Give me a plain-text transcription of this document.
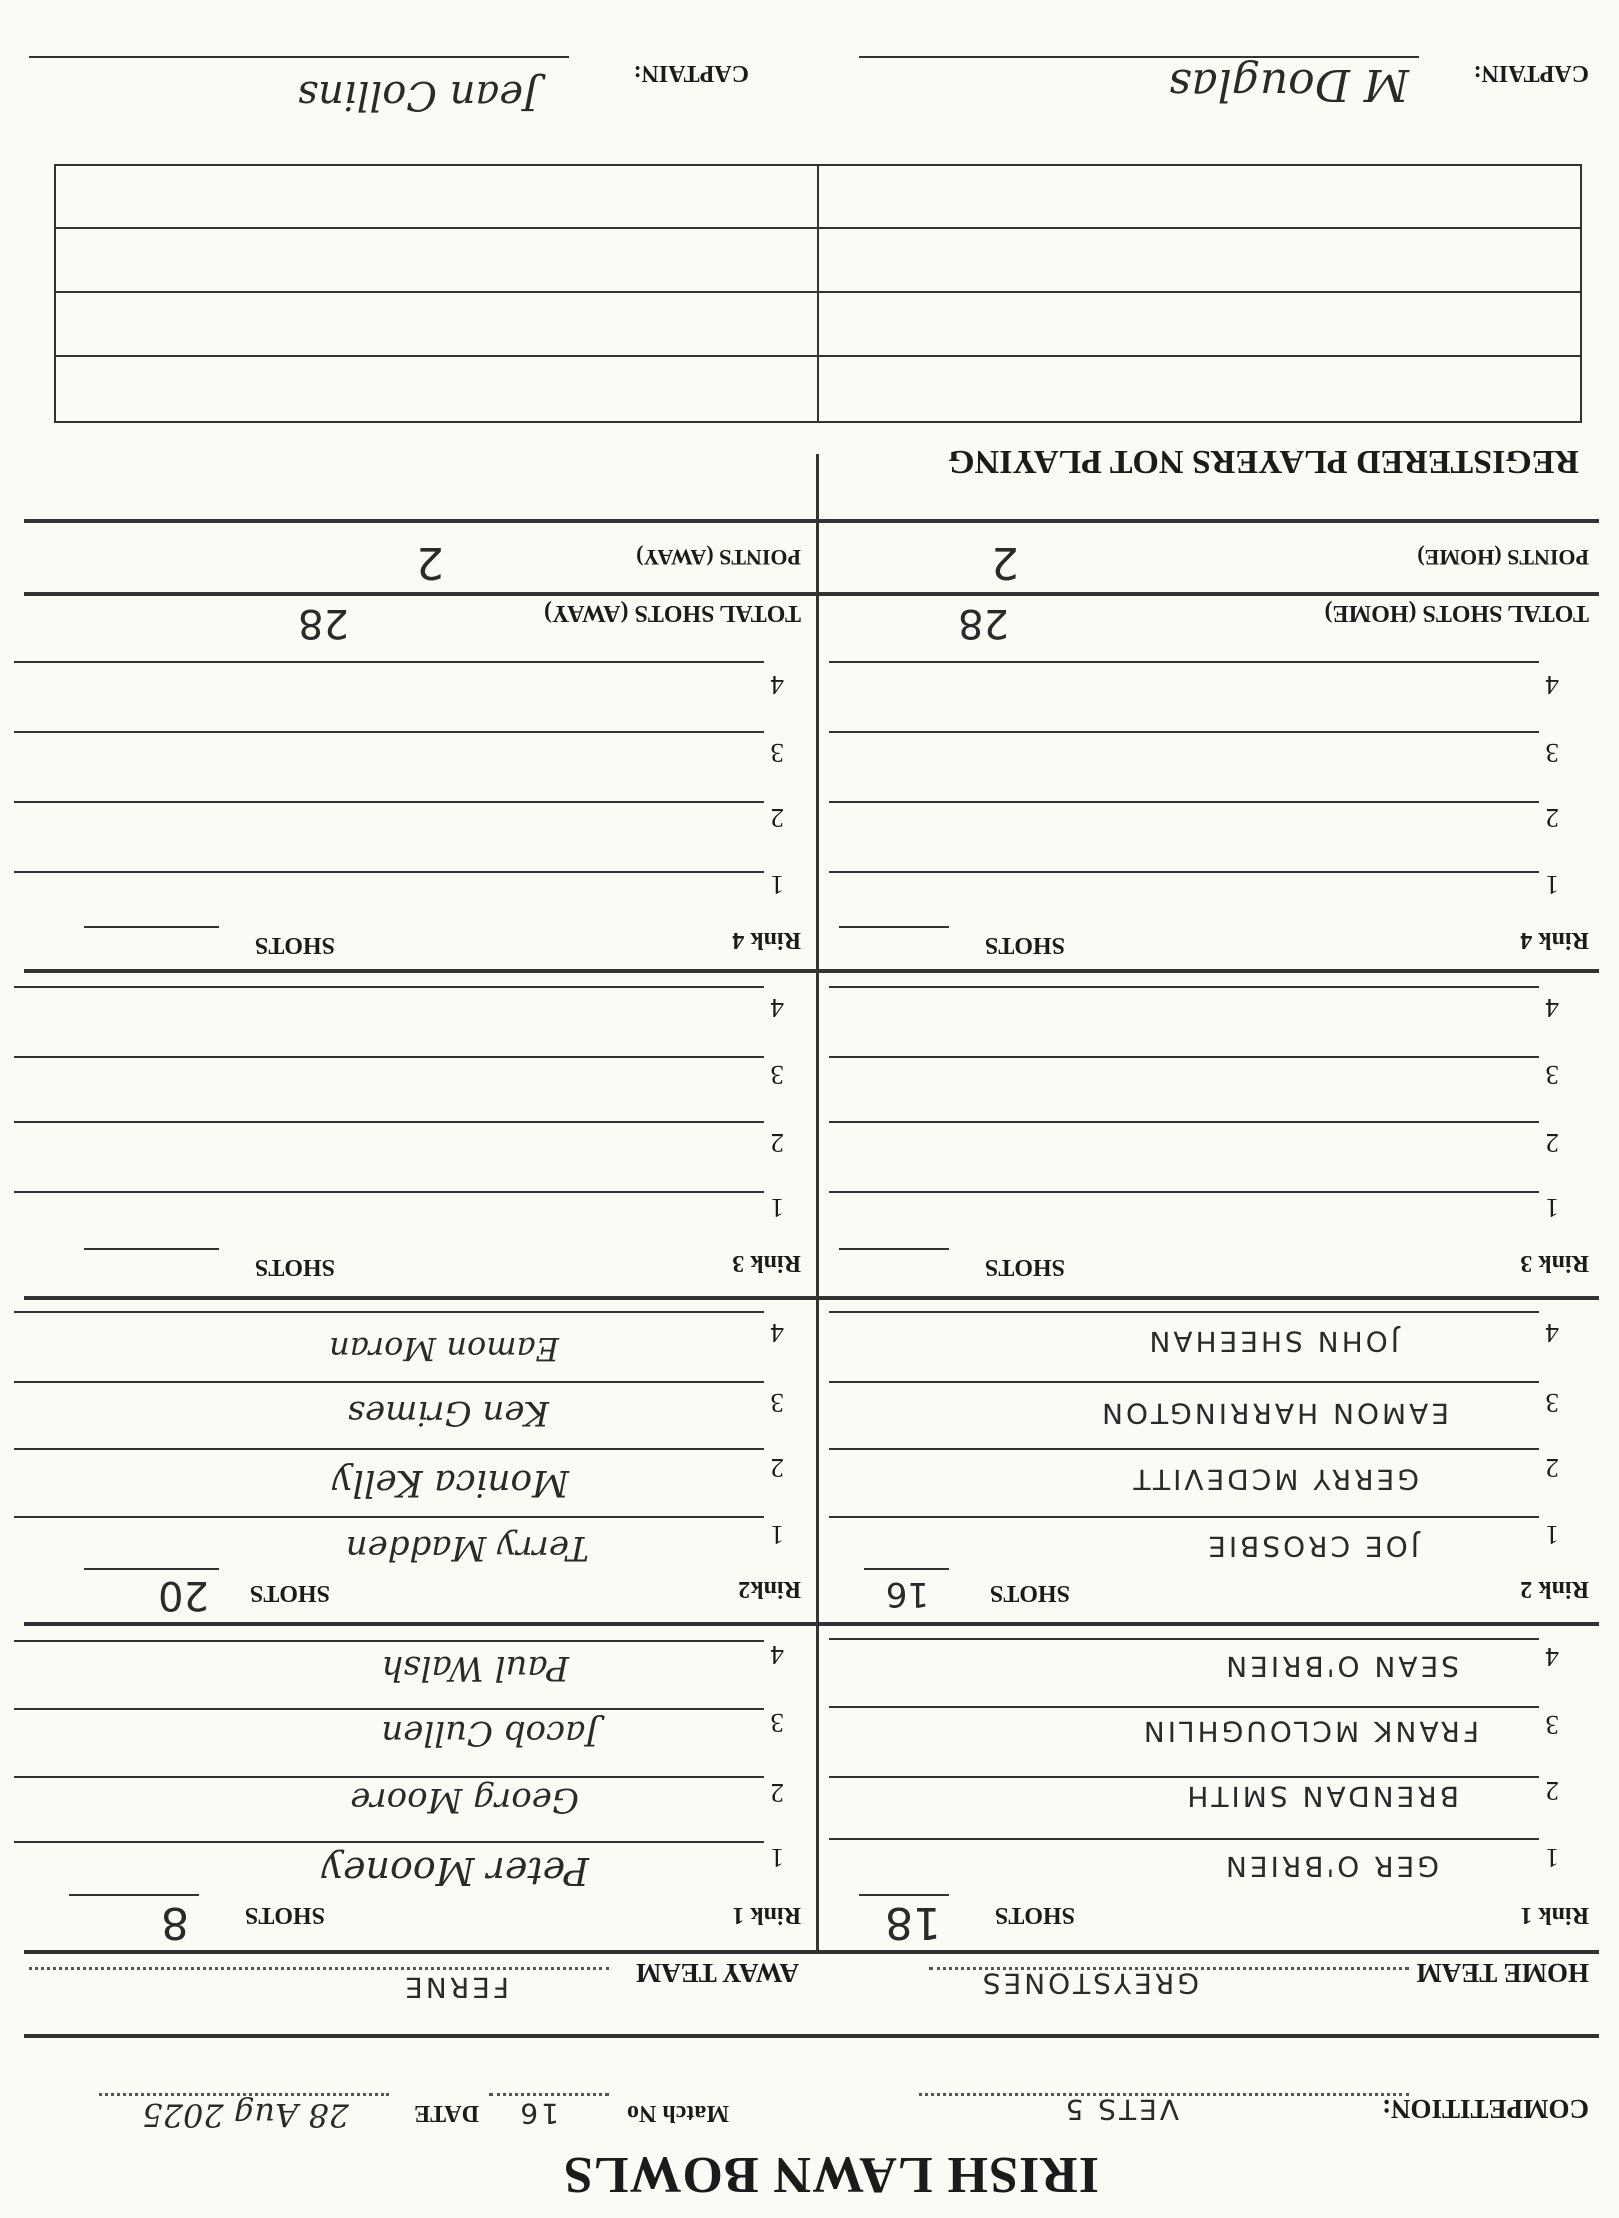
IRISH LAWN BOWLS
COMPETITION:
VETS 5
Match No
16
DATE
28 Aug 2025
HOME TEAM
GREYSTONES
AWAY TEAM
FERNE
Rink 1
SHOTS
18
Rink 1
SHOTS
8
1
GER O'BRIEN
2
BRENDAN SMITH
3
FRANK MCLOUGHLIN
4
SEAN O'BRIEN
1
Peter Mooney
2
Georg Moore
3
Jacob Cullen
4
Paul Walsh
Rink 2
SHOTS
16
Rink2
SHOTS
20
1
JOE CROSBIE
2
GERRY MCDEVITT
3
EAMON HARRINGTON
4
JOHN SHEEHAN
1
Terry Madden
2
Monica Kelly
3
Ken Grimes
4
Eamon Moran
Rink 3
SHOTS
Rink 3
SHOTS
1
2
3
4
1
2
3
4
Rink 4
SHOTS
Rink 4
SHOTS
1
2
3
4
1
2
3
4
TOTAL SHOTS (HOME)
28
TOTAL SHOTS (AWAY)
28
POINTS (HOME)
2
POINTS (AWAY)
2
REGISTERED PLAYERS NOT PLAYING
CAPTAIN:
M Douglas
CAPTAIN:
Jean Collins
